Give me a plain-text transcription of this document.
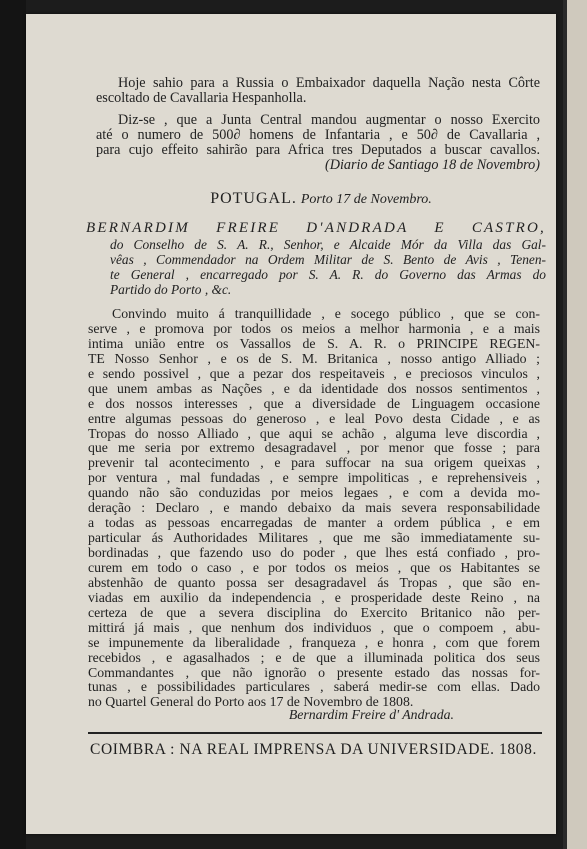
Hoje sahio para a Russia o Embaixador daquella Nação nesta Côrte
escoltado de Cavallaria Hespanholla.
Diz-se , que a Junta Central mandou augmentar o nosso Exercito
até o numero de 500∂ homens de Infantaria , e 50∂ de Cavallaria ,
para cujo effeito sahirão para Africa tres Deputados a buscar cavallos.
(Diario de Santiago 18 de Novembro)
POTUGAL. Porto 17 de Novembro.
BERNARDIM FREIRE D'ANDRADA E CASTRO,
do Conselho de S. A. R., Senhor, e Alcaide Mór da Villa das Gal-
vêas , Commendador na Ordem Militar de S. Bento de Avis , Tenen-
te General , encarregado por S. A. R. do Governo das Armas do
Partido do Porto , &c.
Convindo muito á tranquillidade , e socego público , que se con-
serve , e promova por todos os meios a melhor harmonia , e a mais
intima união entre os Vassallos de S. A. R. o PRINCIPE REGEN-
TE Nosso Senhor , e os de S. M. Britanica , nosso antigo Alliado ;
e sendo possivel , que a pezar dos respeitaveis , e preciosos vinculos ,
que unem ambas as Nações , e da identidade dos nossos sentimentos ,
e dos nossos interesses , que a diversidade de Linguagem occasione
entre algumas pessoas do generoso , e leal Povo desta Cidade , e as
Tropas do nosso Alliado , que aqui se achão , alguma leve discordia ,
que me seria por extremo desagradavel , por menor que fosse ; para
prevenir tal acontecimento , e para suffocar na sua origem queixas ,
por ventura , mal fundadas , e sempre impoliticas , e reprehensiveis ,
quando não são conduzidas por meios legaes , e com a devida mo-
deração : Declaro , e mando debaixo da mais severa responsabilidade
a todas as pessoas encarregadas de manter a ordem pública , e em
particular ás Authoridades Militares , que me são immediatamente su-
bordinadas , que fazendo uso do poder , que lhes está confiado , pro-
curem em todo o caso , e por todos os meios , que os Habitantes se
abstenhão de quanto possa ser desagradavel ás Tropas , que são en-
viadas em auxilio da independencia , e prosperidade deste Reino , na
certeza de que a severa disciplina do Exercito Britanico não per-
mittirá já mais , que nenhum dos individuos , que o compoem , abu-
se impunemente da liberalidade , franqueza , e honra , com que forem
recebidos , e agasalhados ; e de que a illuminada politica dos seus
Commandantes , que não ignorão o presente estado das nossas for-
tunas , e possibilidades particulares , saberá medir-se com ellas. Dado
no Quartel General do Porto aos 17 de Novembro de 1808.
Bernardim Freire d' Andrada.
COIMBRA : NA REAL IMPRENSA DA UNIVERSIDADE. 1808.
